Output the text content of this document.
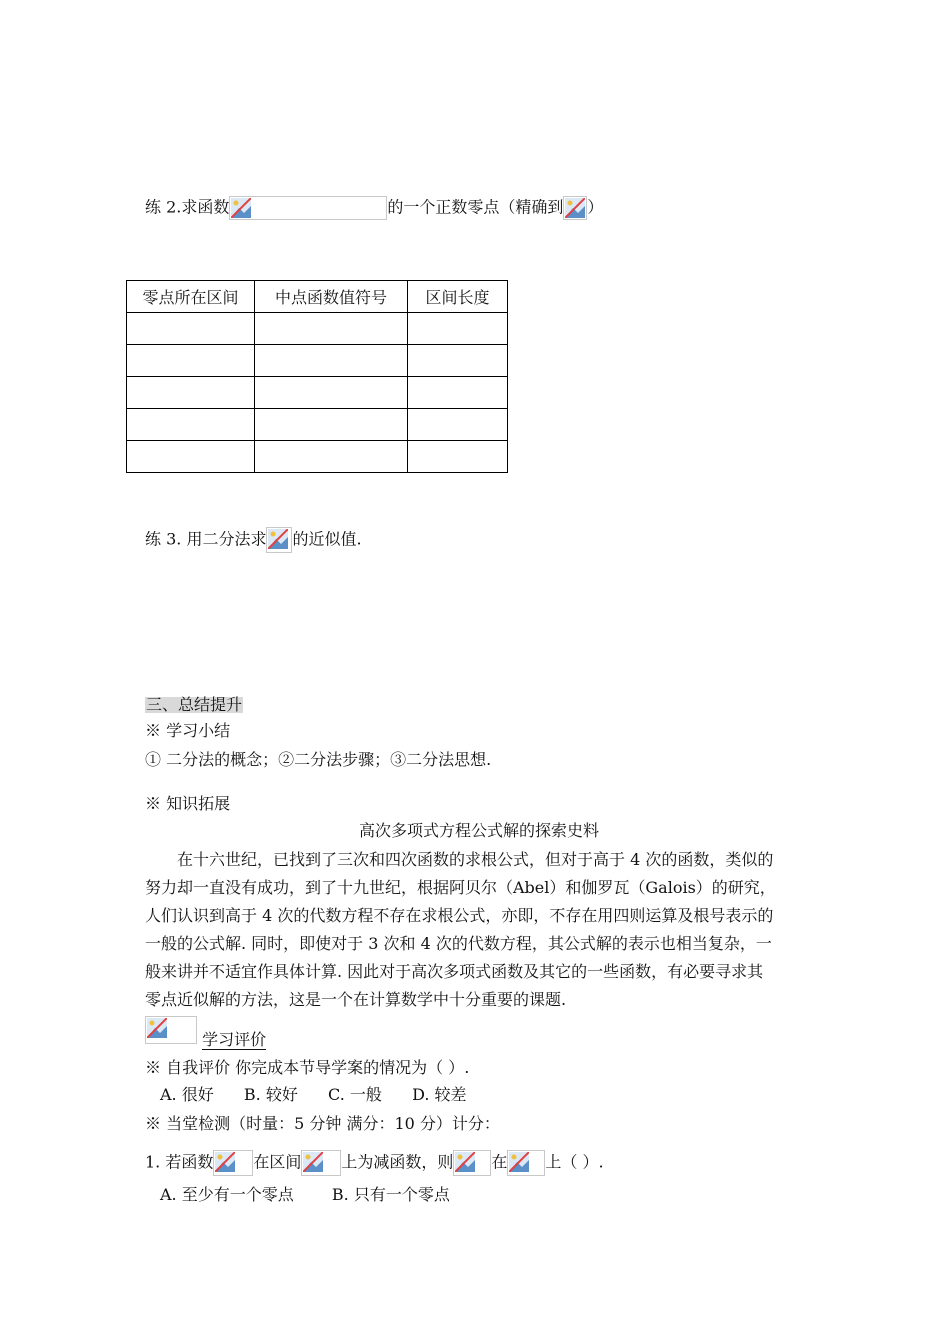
练 2.求函数	的一个正数零点（精确到 ）
零点所在区间	中点函数值符号	区间长度

练 3. 用二分法求 的近似值.
三、总结提升
※ 学习小结
① 二分法的概念；②二分法步骤；③二分法思想.
※ 知识拓展
高次多项式方程公式解的探索史料
在十六世纪，已找到了三次和四次函数的求根公式，但对于高于 4 次的函数，类似的
努力却一直没有成功，到了十九世纪，根据阿贝尔（Abel）和伽罗瓦（Galois）的研究，
人们认识到高于 4 次的代数方程不存在求根公式，亦即，不存在用四则运算及根号表示的
一般的公式解. 同时，即使对于 3 次和 4 次的代数方程，其公式解的表示也相当复杂，一
般来讲并不适宜作具体计算. 因此对于高次多项式函数及其它的一些函数，有必要寻求其
零点近似解的方法，这是一个在计算数学中十分重要的课题.
学习评价
※ 自我评价 你完成本节导学案的情况为（ ）.
A. 很好 B. 较好 C. 一般 D. 较差
※ 当堂检测（时量：5 分钟 满分：10 分）计分：
1. 若函数	在区间	上为减函数，则 在 上（ ）.
A. 至少有一个零点 B. 只有一个零点
